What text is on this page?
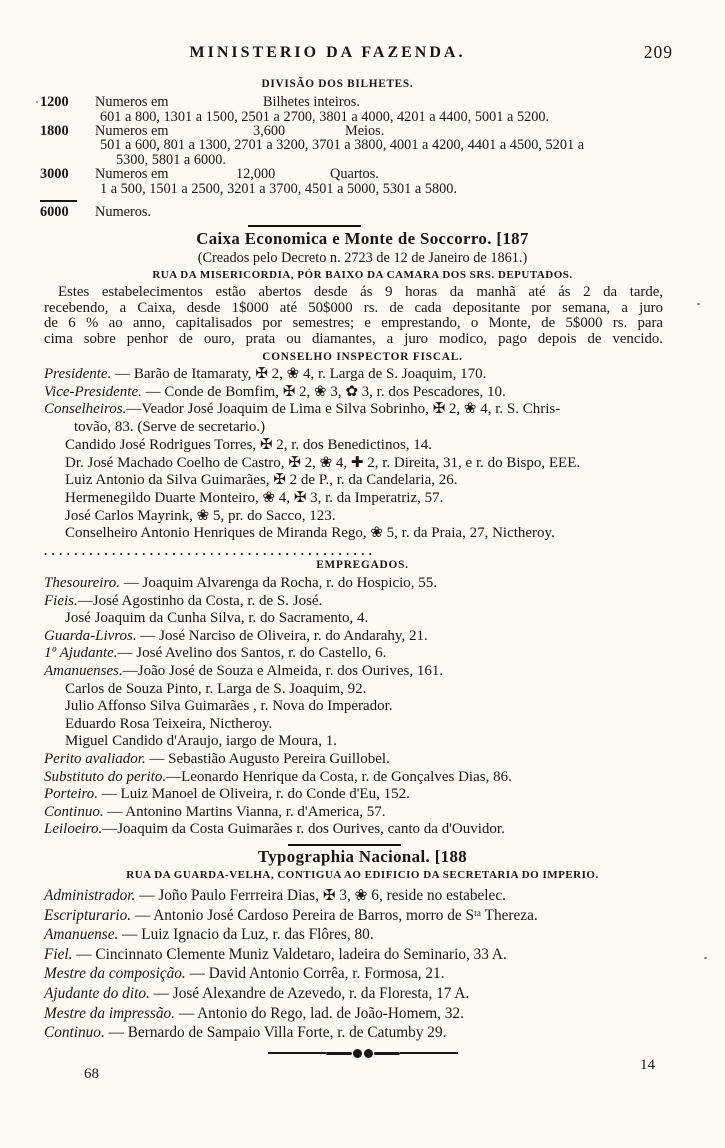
MINISTERIO DA FAZENDA.	209
DIVISÃO DOS BILHETES.
1200 Numeros em	Bilhetes inteiros.
601 a 800, 1301 a 1500, 2501 a 2700, 3801 a 4000, 4201 a 4400, 5001 a 5200.
1800 Numeros em	3,600	Meios.
501 a 600, 801 a 1300, 2701 a 3200, 3701 a 3800, 4001 a 4200, 4401 a 4500, 5201 a
5300, 5801 a 6000.
3000 Numeros em	12,000	Quartos.
1 a 500, 1501 a 2500, 3201 a 3700, 4501 a 5000, 5301 a 5800.
6000 Numeros.
Caixa Economica e Monte de Soccorro. [187
(Creados pelo Decreto n. 2723 de 12 de Janeiro de 1861.)
RUA DA MISERICORDIA, PÓR BAIXO DA CAMARA DOS SRS. DEPUTADOS.

Estes estabelecimentos estão abertos desde ás 9 horas da manhã até ás 2 da tarde,

recebendo, a Caixa, desde 1$000 até 50$000 rs. de cada depositante por semana, a juro

de 6 % ao anno, capitalisados por semestres; e emprestando, o Monte, de 5$000 rs. para

cima sobre penhor de ouro, prata ou diamantes, a juro modico, pago depois de vencido.

CONSELHO INSPECTOR FISCAL.
Presidente. — Barão de Itamaraty, ✠ 2, ❀ 4, r. Larga de S. Joaquim, 170.
Vice-Presidente. — Conde de Bomfim, ✠ 2, ❀ 3, ✿ 3, r. dos Pescadores, 10.
Conselheiros.—Veador José Joaquim de Lima e Silva Sobrinho, ✠ 2, ❀ 4, r. S. Chris-
tovão, 83. (Serve de secretario.)
Candido José Rodrigues Torres, ✠ 2, r. dos Benedictinos, 14.
Dr. José Machado Coelho de Castro, ✠ 2, ❀ 4, ✚ 2, r. Direita, 31, e r. do Bispo, EEE.
Luiz Antonio da Silva Guimarães, ✠ 2 de P., r. da Candelaria, 26.
Hermenegildo Duarte Monteiro, ❀ 4, ✠ 3, r. da Imperatriz, 57.
José Carlos Mayrink, ❀ 5, pr. do Sacco, 123.
Conselheiro Antonio Henriques de Miranda Rego, ❀ 5, r. da Praia, 27, Nictheroy.
............................................
EMPREGADOS.
Thesoureiro. — Joaquim Alvarenga da Rocha, r. do Hospicio, 55.
Fieis.—José Agostinho da Costa, r. de S. José.
José Joaquim da Cunha Silva, r. do Sacramento, 4.
Guarda-Livros. — José Narciso de Oliveira, r. do Andarahy, 21.
1º Ajudante.— José Avelino dos Santos, r. do Castello, 6.
Amanuenses.—João José de Souza e Almeida, r. dos Ourives, 161.
Carlos de Souza Pinto, r. Larga de S. Joaquim, 92.
Julio Affonso Silva Guimarães , r. Nova do Imperador.
Eduardo Rosa Teixeira, Nictheroy.
Miguel Candido d'Araujo, iargo de Moura, 1.
Perito avaliador. — Sebastião Augusto Pereira Guillobel.
Substituto do perito.—Leonardo Henrique da Costa, r. de Gonçalves Dias, 86.
Porteiro. — Luiz Manoel de Oliveira, r. do Conde d'Eu, 152.
Continuo. — Antonino Martins Vianna, r. d'America, 57.
Leiloeiro.—Joaquim da Costa Guimarães r. dos Ourives, canto da d'Ouvidor.
Typographia Nacional. [188
RUA DA GUARDA-VELHA, CONTIGUA AO EDIFICIO DA SECRETARIA DO IMPERIO.
Administrador. — Joño Paulo Ferrreira Dias, ✠ 3, ❀ 6, reside no estabelec.
Escripturario. — Antonio José Cardoso Pereira de Barros, morro de Sᵗᵃ Thereza.
Amanuense. — Luiz Ignacio da Luz, r. das Flôres, 80.
Fiel. — Cincinnato Clemente Muniz Valdetaro, ladeira do Seminario, 33 A.
Mestre da composição. — David Antonio Corrêa, r. Formosa, 21.
Ajudante do dito. — José Alexandre de Azevedo, r. da Floresta, 17 A.
Mestre da impressão. — Antonio do Rego, lad. de João-Homem, 32.
Continuo. — Bernardo de Sampaio Villa Forte, r. de Catumby 29.
68
14
